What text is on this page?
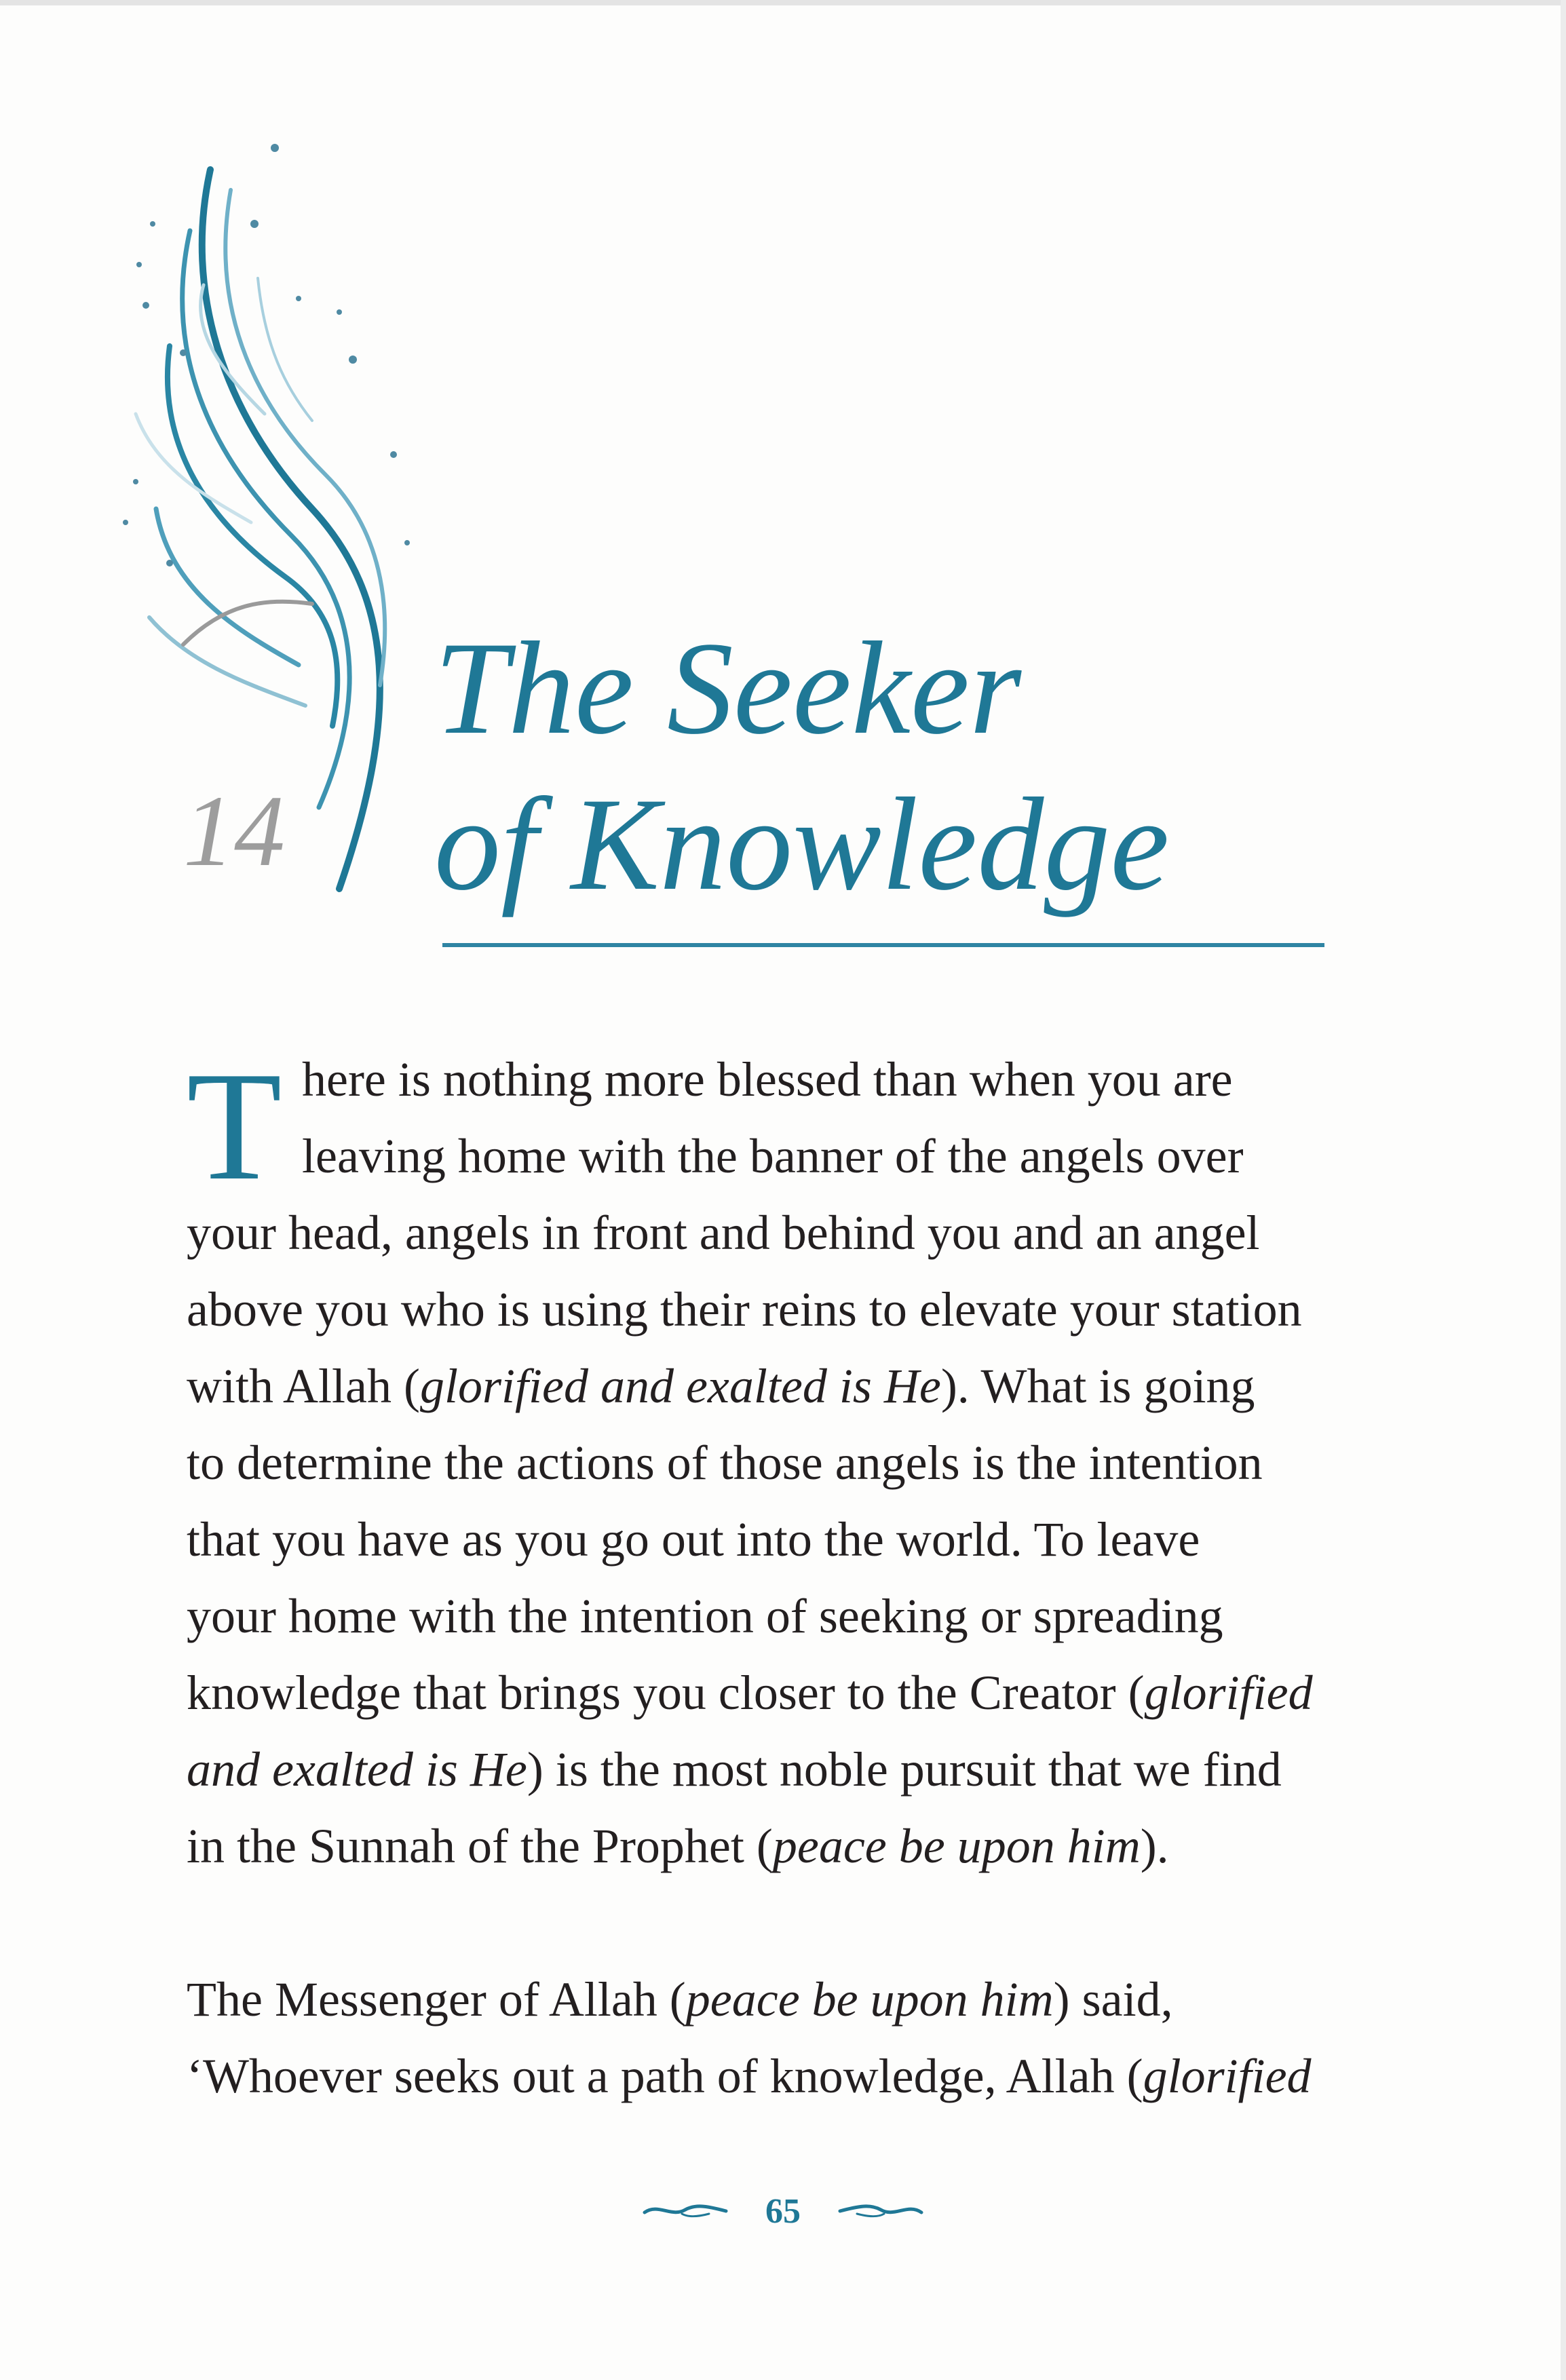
14
The Seeker
of Knowledge
T here is nothing more blessed than when you are
leaving home with the banner of the angels over
your head, angels in front and behind you and an angel
above you who is using their reins to elevate your station
with Allah (glorified and exalted is He). What is going
to determine the actions of those angels is the intention
that you have as you go out into the world. To leave
your home with the intention of seeking or spreading
knowledge that brings you closer to the Creator (glorified
and exalted is He) is the most noble pursuit that we find
in the Sunnah of the Prophet (peace be upon him).

The Messenger of Allah (peace be upon him) said,
‘Whoever seeks out a path of knowledge, Allah (glorified

65
